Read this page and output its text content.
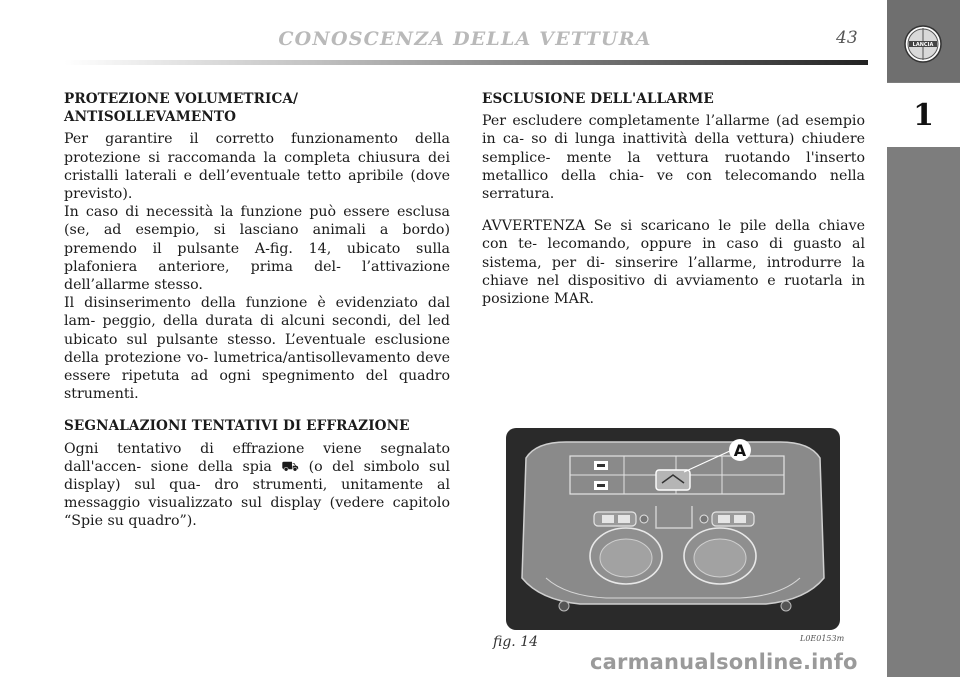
CONOSCENZA DELLA VETTURA	43	LANCIA
1
PROTEZIONE VOLUMETRICA/
ANTISOLLEVAMENTO

Per garantire il corretto funzionamento della protezione si raccomanda la completa chiusura dei cristalli laterali e dell’eventuale tetto apribile (dove previsto).

In caso di necessità la funzione può essere esclusa (se, ad esempio, si lasciano animali a bordo) premendo il pulsante A-fig. 14, ubicato sulla plafoniera anteriore, prima del- l’attivazione dell’allarme stesso.

Il disinserimento della funzione è evidenziato dal lam- peggio, della durata di alcuni secondi, del led ubicato sul pulsante stesso. L’eventuale esclusione della protezione vo- lumetrica/antisollevamento deve essere ripetuta ad ogni spegnimento del quadro strumenti.

SEGNALAZIONI TENTATIVI DI EFFRAZIONE

Ogni tentativo di effrazione viene segnalato dall'accen- sione della spia ⛟ (o del simbolo sul display) sul qua- dro strumenti, unitamente al messaggio visualizzato sul display (vedere capitolo “Spie su quadro”).

ESCLUSIONE DELL'ALLARME

Per escludere completamente l’allarme (ad esempio in ca- so di lunga inattività della vettura) chiudere semplice- mente la vettura ruotando l'inserto metallico della chia- ve con telecomando nella serratura.

AVVERTENZA Se si scaricano le pile della chiave con te- lecomando, oppure in caso di guasto al sistema, per di- sinserire l’allarme, introdurre la chiave nel dispositivo di avviamento e ruotarla in posizione MAR.

A
fig. 14	L0E0153m
carmanualsonline.info
